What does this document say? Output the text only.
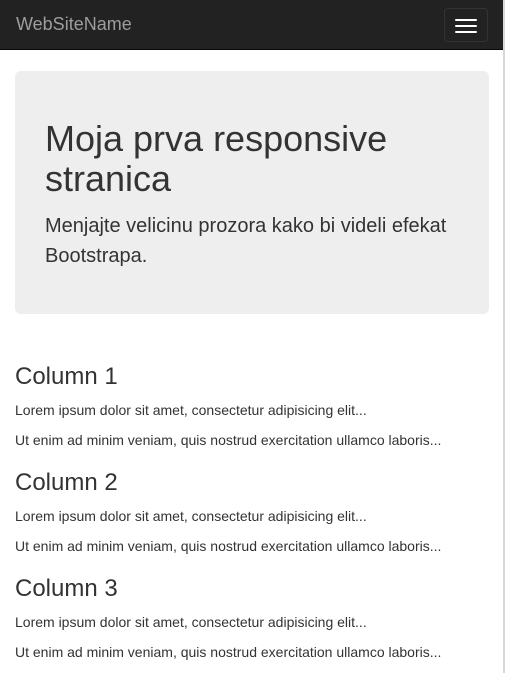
WebSiteName
Moja prva responsive stranica

Menjajte velicinu prozora kako bi videli efekat Bootstrapa.

Column 1

Lorem ipsum dolor sit amet, consectetur adipisicing elit...

Ut enim ad minim veniam, quis nostrud exercitation ullamco laboris...

Column 2

Lorem ipsum dolor sit amet, consectetur adipisicing elit...

Ut enim ad minim veniam, quis nostrud exercitation ullamco laboris...

Column 3

Lorem ipsum dolor sit amet, consectetur adipisicing elit...

Ut enim ad minim veniam, quis nostrud exercitation ullamco laboris...
